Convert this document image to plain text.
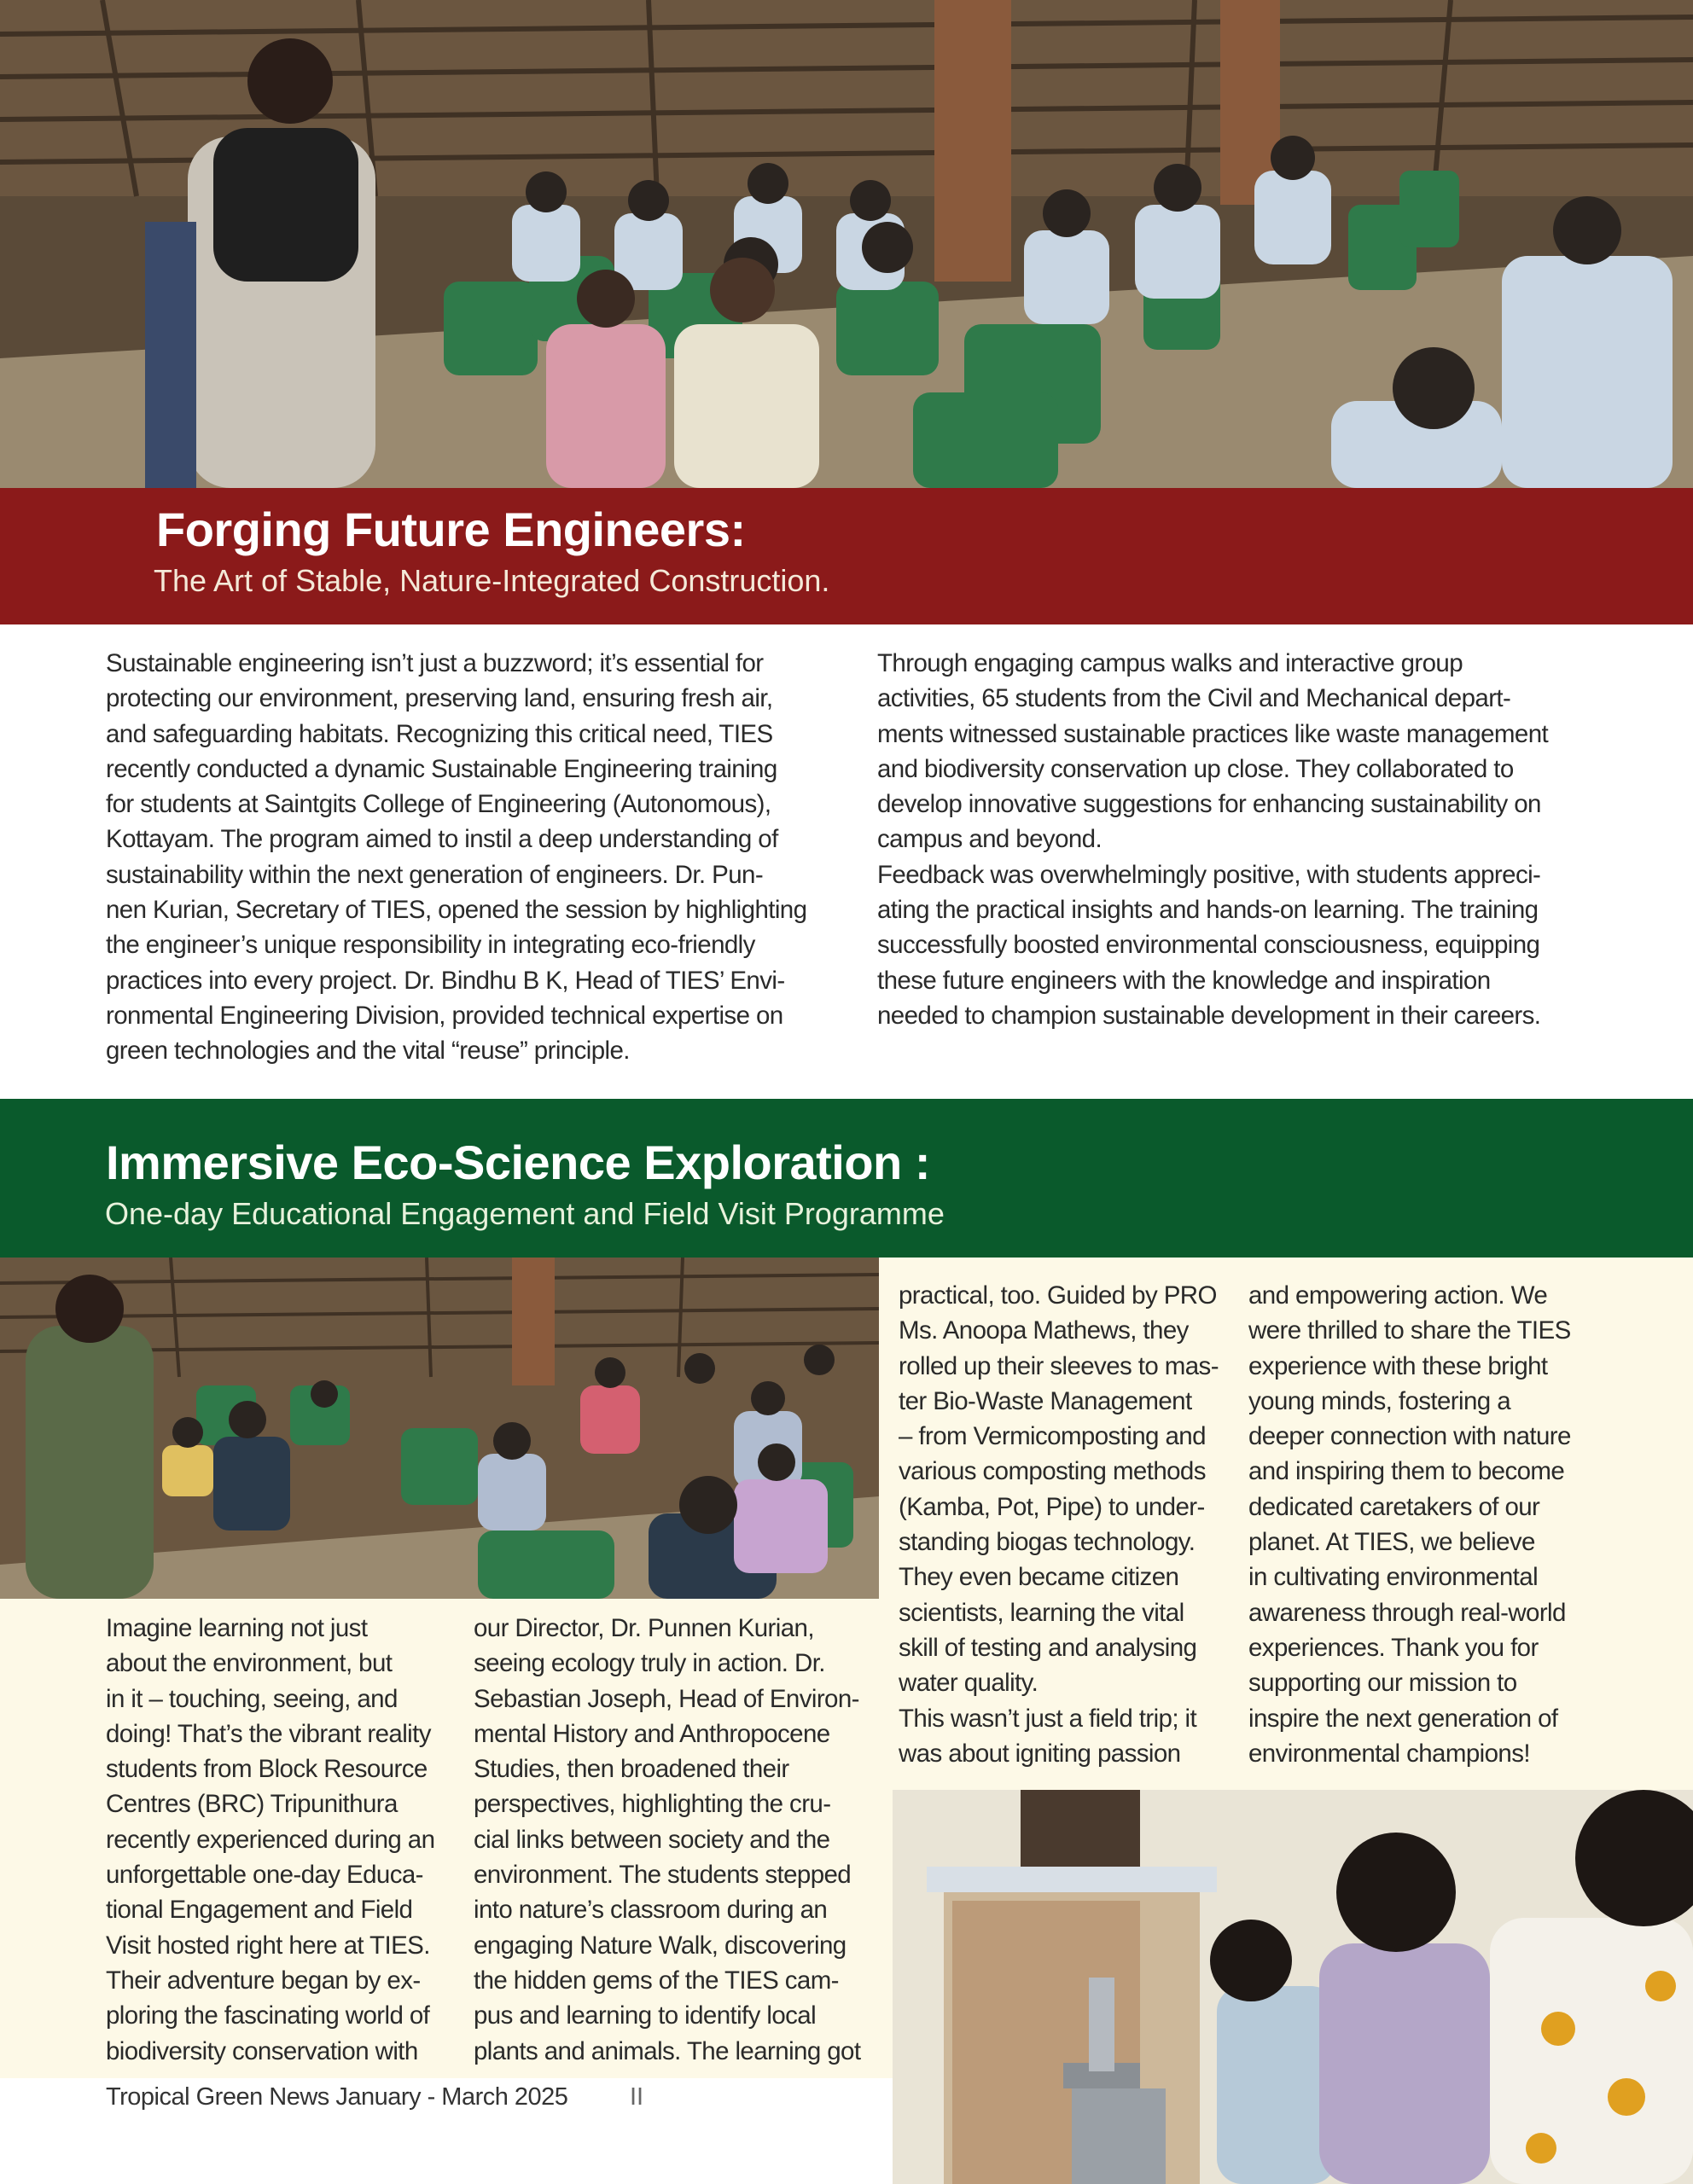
Forging Future Engineers:
The Art of Stable, Nature-Integrated Construction.

Sustainable engineering isn’t just a buzzword; it’s essential for

protecting our environment, preserving land, ensuring fresh air,

and safeguarding habitats. Recognizing this critical need, TIES

recently conducted a dynamic Sustainable Engineering training

for students at Saintgits College of Engineering (Autonomous),

Kottayam. The program aimed to instil a deep understanding of

sustainability within the next generation of engineers. Dr. Pun-

nen Kurian, Secretary of TIES, opened the session by highlighting

the engineer’s unique responsibility in integrating eco-friendly

practices into every project. Dr. Bindhu B K, Head of TIES’ Envi-

ronmental Engineering Division, provided technical expertise on

green technologies and the vital “reuse” principle.

Through engaging campus walks and interactive group

activities, 65 students from the Civil and Mechanical depart-

ments witnessed sustainable practices like waste management

and biodiversity conservation up close. They collaborated to

develop innovative suggestions for enhancing sustainability on

campus and beyond.

Feedback was overwhelmingly positive, with students appreci-

ating the practical insights and hands-on learning. The training

successfully boosted environmental consciousness, equipping

these future engineers with the knowledge and inspiration

needed to champion sustainable development in their careers.

Immersive Eco-Science Exploration :
One-day Educational Engagement and Field Visit Programme

Imagine learning not just

about the environment, but

in it – touching, seeing, and

doing! That’s the vibrant reality

students from Block Resource

Centres (BRC) Tripunithura

recently experienced during an

unforgettable one-day Educa-

tional Engagement and Field

Visit hosted right here at TIES.

Their adventure began by ex-

ploring the fascinating world of

biodiversity conservation with

our Director, Dr. Punnen Kurian,

seeing ecology truly in action. Dr.

Sebastian Joseph, Head of Environ-

mental History and Anthropocene

Studies, then broadened their

perspectives, highlighting the cru-

cial links between society and the

environment. The students stepped

into nature’s classroom during an

engaging Nature Walk, discovering

the hidden gems of the TIES cam-

pus and learning to identify local

plants and animals. The learning got

practical, too. Guided by PRO

Ms. Anoopa Mathews, they

rolled up their sleeves to mas-

ter Bio-Waste Management

– from Vermicomposting and

various composting methods

(Kamba, Pot, Pipe) to under-

standing biogas technology.

They even became citizen

scientists, learning the vital

skill of testing and analysing

water quality.

This wasn’t just a field trip; it

was about igniting passion

and empowering action. We

were thrilled to share the TIES

experience with these bright

young minds, fostering a

deeper connection with nature

and inspiring them to become

dedicated caretakers of our

planet. At TIES, we believe

in cultivating environmental

awareness through real-world

experiences. Thank you for

supporting our mission to

inspire the next generation of

environmental champions!

Tropical Green News January - March 2025	II
